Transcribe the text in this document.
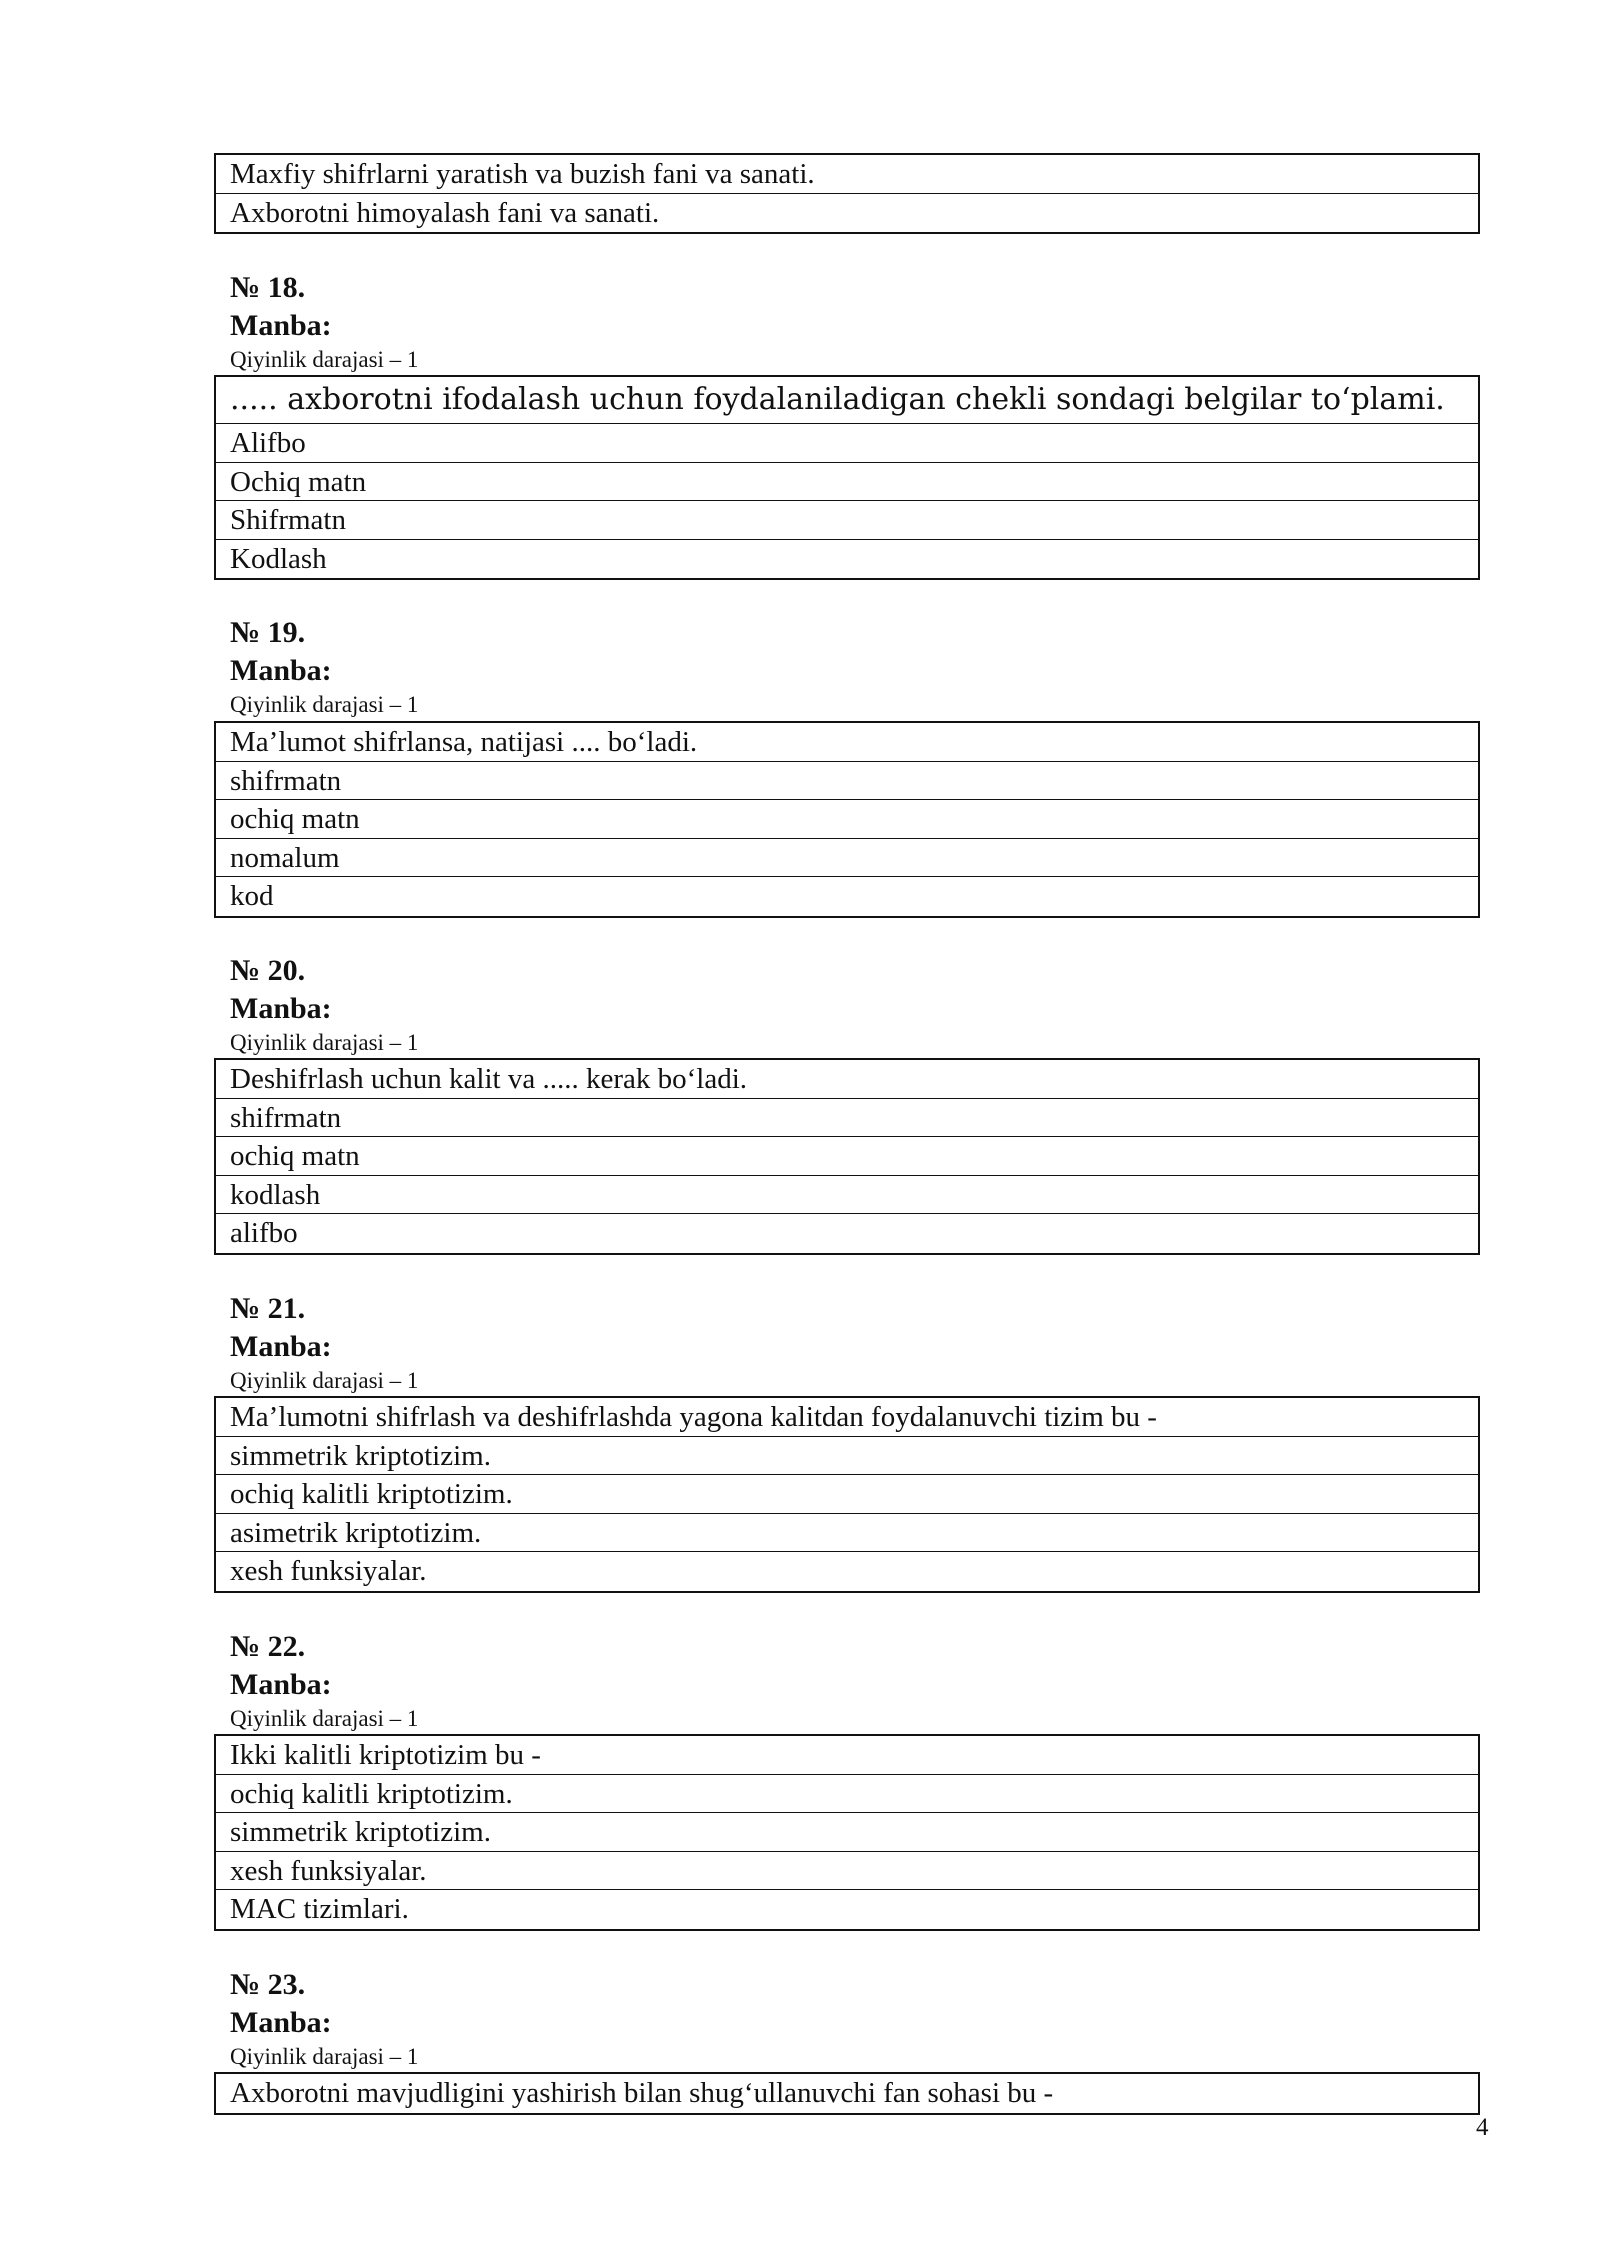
Maxfiy shifrlarni yaratish va buzish fani va sanati.
Axborotni himoyalash fani va sanati.
№ 18.
Manba:
Qiyinlik darajasi – 1
..... axborotni ifodalash uchun foydalaniladigan chekli sondagi belgilar to‘plami.
Alifbo
Ochiq matn
Shifrmatn
Kodlash
№ 19.
Manba:
Qiyinlik darajasi – 1
Ma’lumot shifrlansa, natijasi .... bo‘ladi.
shifrmatn
ochiq matn
nomalum
kod
№ 20.
Manba:
Qiyinlik darajasi – 1
Deshifrlash uchun kalit va ..... kerak bo‘ladi.
shifrmatn
ochiq matn
kodlash
alifbo
№ 21.
Manba:
Qiyinlik darajasi – 1
Ma’lumotni shifrlash va deshifrlashda yagona kalitdan foydalanuvchi tizim bu -
simmetrik kriptotizim.
ochiq kalitli kriptotizim.
asimetrik kriptotizim.
xesh funksiyalar.
№ 22.
Manba:
Qiyinlik darajasi – 1
Ikki kalitli kriptotizim bu -
ochiq kalitli kriptotizim.
simmetrik kriptotizim.
xesh funksiyalar.
MAC tizimlari.
№ 23.
Manba:
Qiyinlik darajasi – 1
Axborotni mavjudligini yashirish bilan shug‘ullanuvchi fan sohasi bu -
4
